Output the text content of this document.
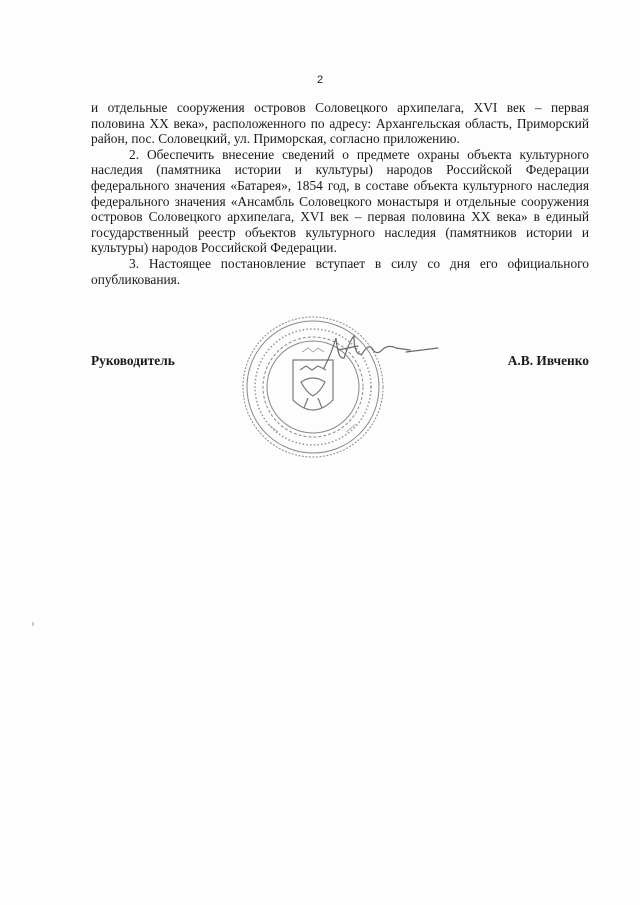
2

и отдельные сооружения островов Соловецкого архипелага, XVI век – первая половина XX века», расположенного по адресу: Архангельская область, Приморский район, пос. Соловецкий, ул. Приморская, согласно приложению.

2. Обеспечить внесение сведений о предмете охраны объекта культурного наследия (памятника истории и культуры) народов Российской Федерации федерального значения «Батарея», 1854 год, в составе объекта культурного наследия федерального значения «Ансамбль Соловецкого монастыря и отдельные сооружения островов Соловецкого архипелага, XVI век – первая половина XX века» в единый государственный реестр объектов культурного наследия (памятников истории и культуры) народов Российской Федерации.

3. Настоящее постановление вступает в силу со дня его официального опубликования.

Руководитель	А.В. Ивченко
